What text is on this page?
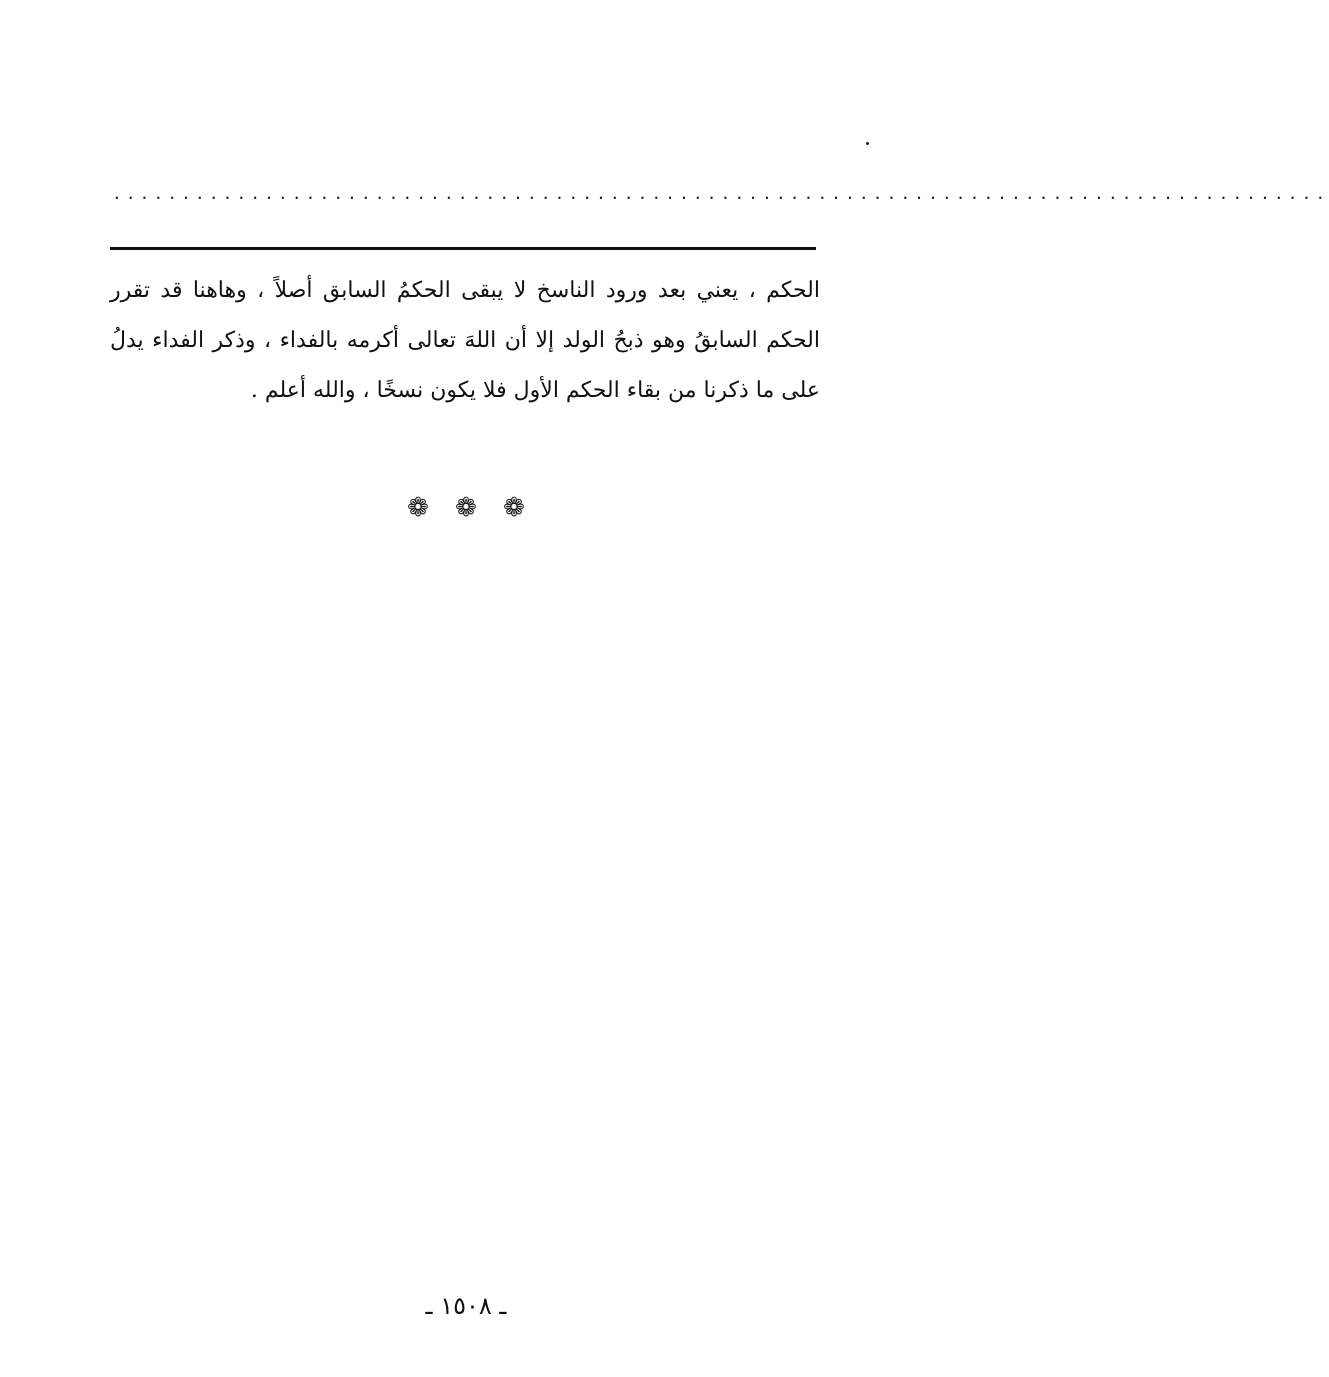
........................................................................................
الحكم ، يعني بعد ورود الناسخ لا يبقى الحكمُ السابق أصلاً ، وهاهنا قد تقرر
الحكم السابقُ وهو ذبحُ الولد إلا أن اللهَ تعالى أكرمه بالفداء ، وذكر الفداء يدلُ
على ما ذكرنا من بقاء الحكم الأول فلا يكون نسخًا ، والله أعلم .
❁ ❁ ❁
ـ ١٥٠٨ ـ
